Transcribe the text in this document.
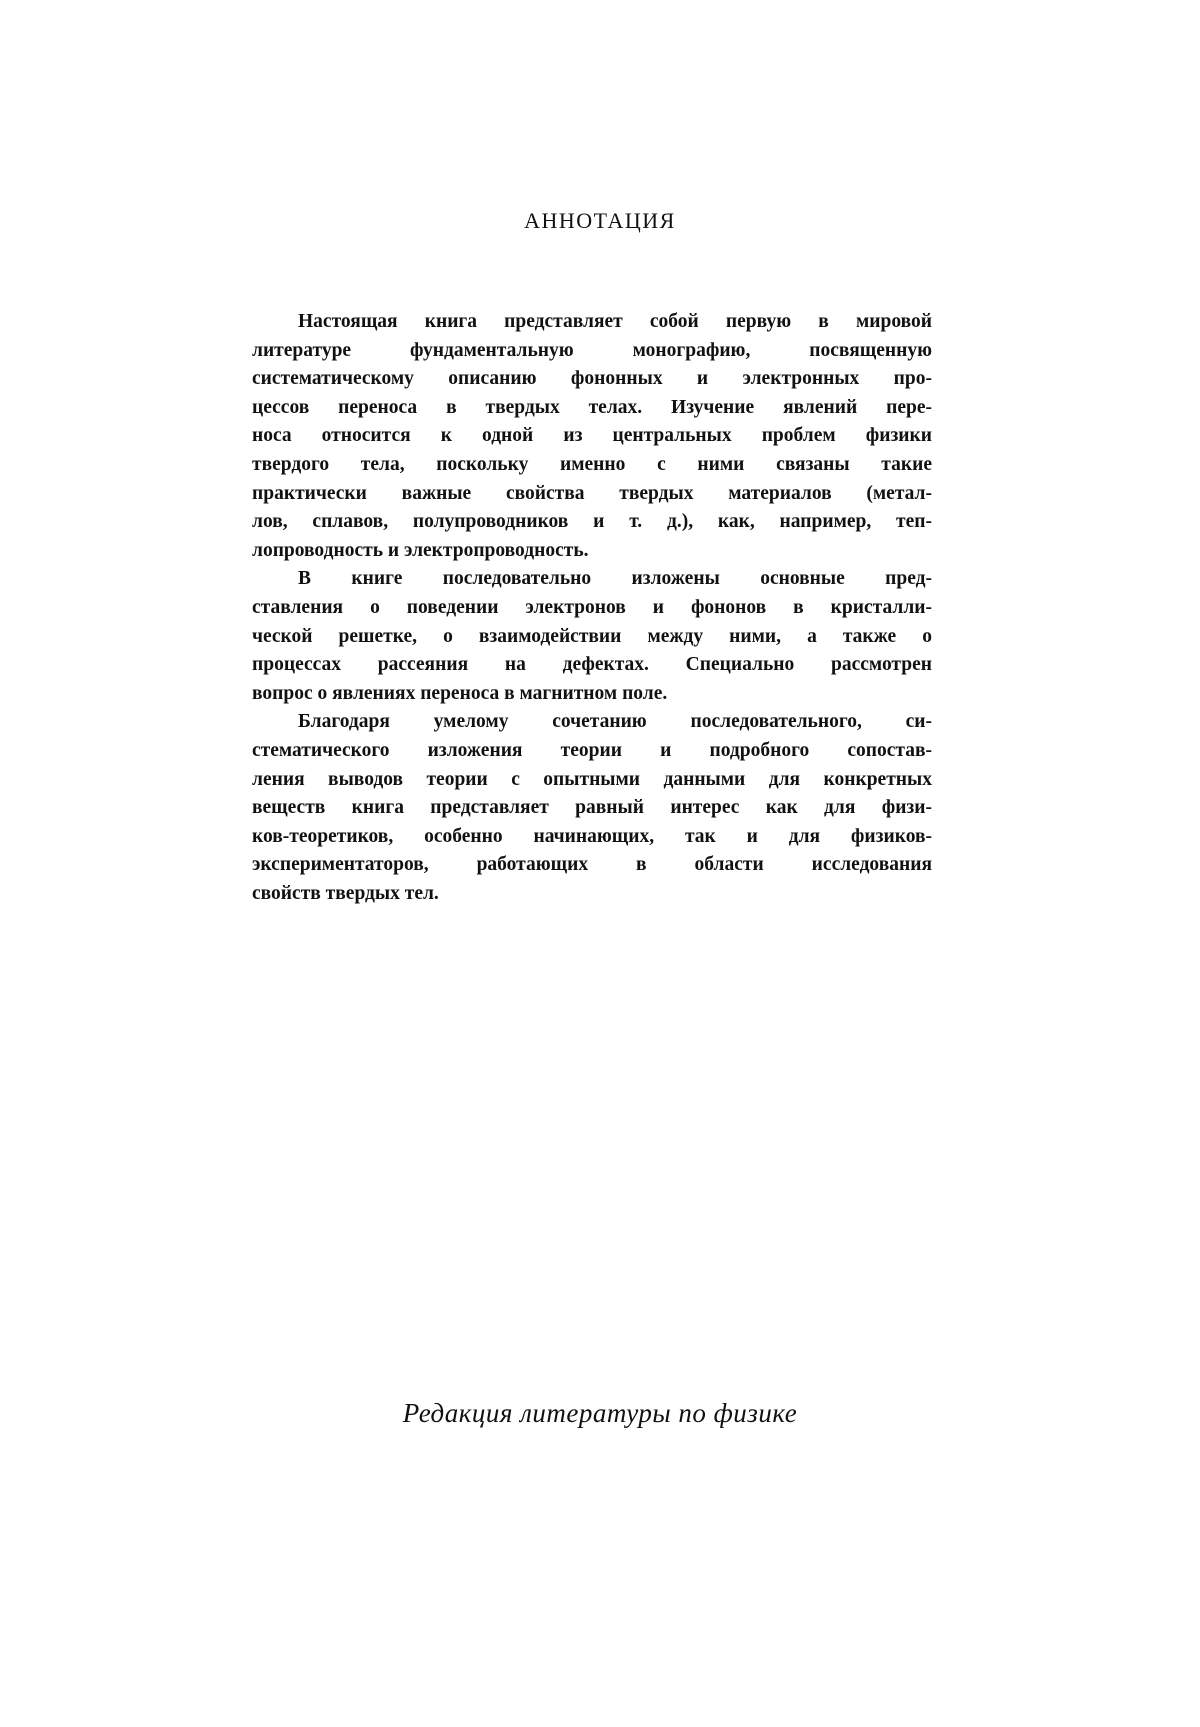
АННОТАЦИЯ
Настоящая книга представляет собой первую в мировой
литературе фундаментальную монографию, посвященную
систематическому описанию фононных и электронных про-
цессов переноса в твердых телах. Изучение явлений пере-
носа относится к одной из центральных проблем физики
твердого тела, поскольку именно с ними связаны такие
практически важные свойства твердых материалов (метал-
лов, сплавов, полупроводников и т. д.), как, например, теп-
лопроводность и электропроводность.
В книге последовательно изложены основные пред-
ставления о поведении электронов и фононов в кристалли-
ческой решетке, о взаимодействии между ними, а также о
процессах рассеяния на дефектах. Специально рассмотрен
вопрос о явлениях переноса в магнитном поле.
Благодаря умелому сочетанию последовательного, си-
стематического изложения теории и подробного сопостав-
ления выводов теории с опытными данными для конкретных
веществ книга представляет равный интерес как для физи-
ков-теоретиков, особенно начинающих, так и для физиков-
экспериментаторов, работающих в области исследования
свойств твердых тел.
Редакция литературы по физике
